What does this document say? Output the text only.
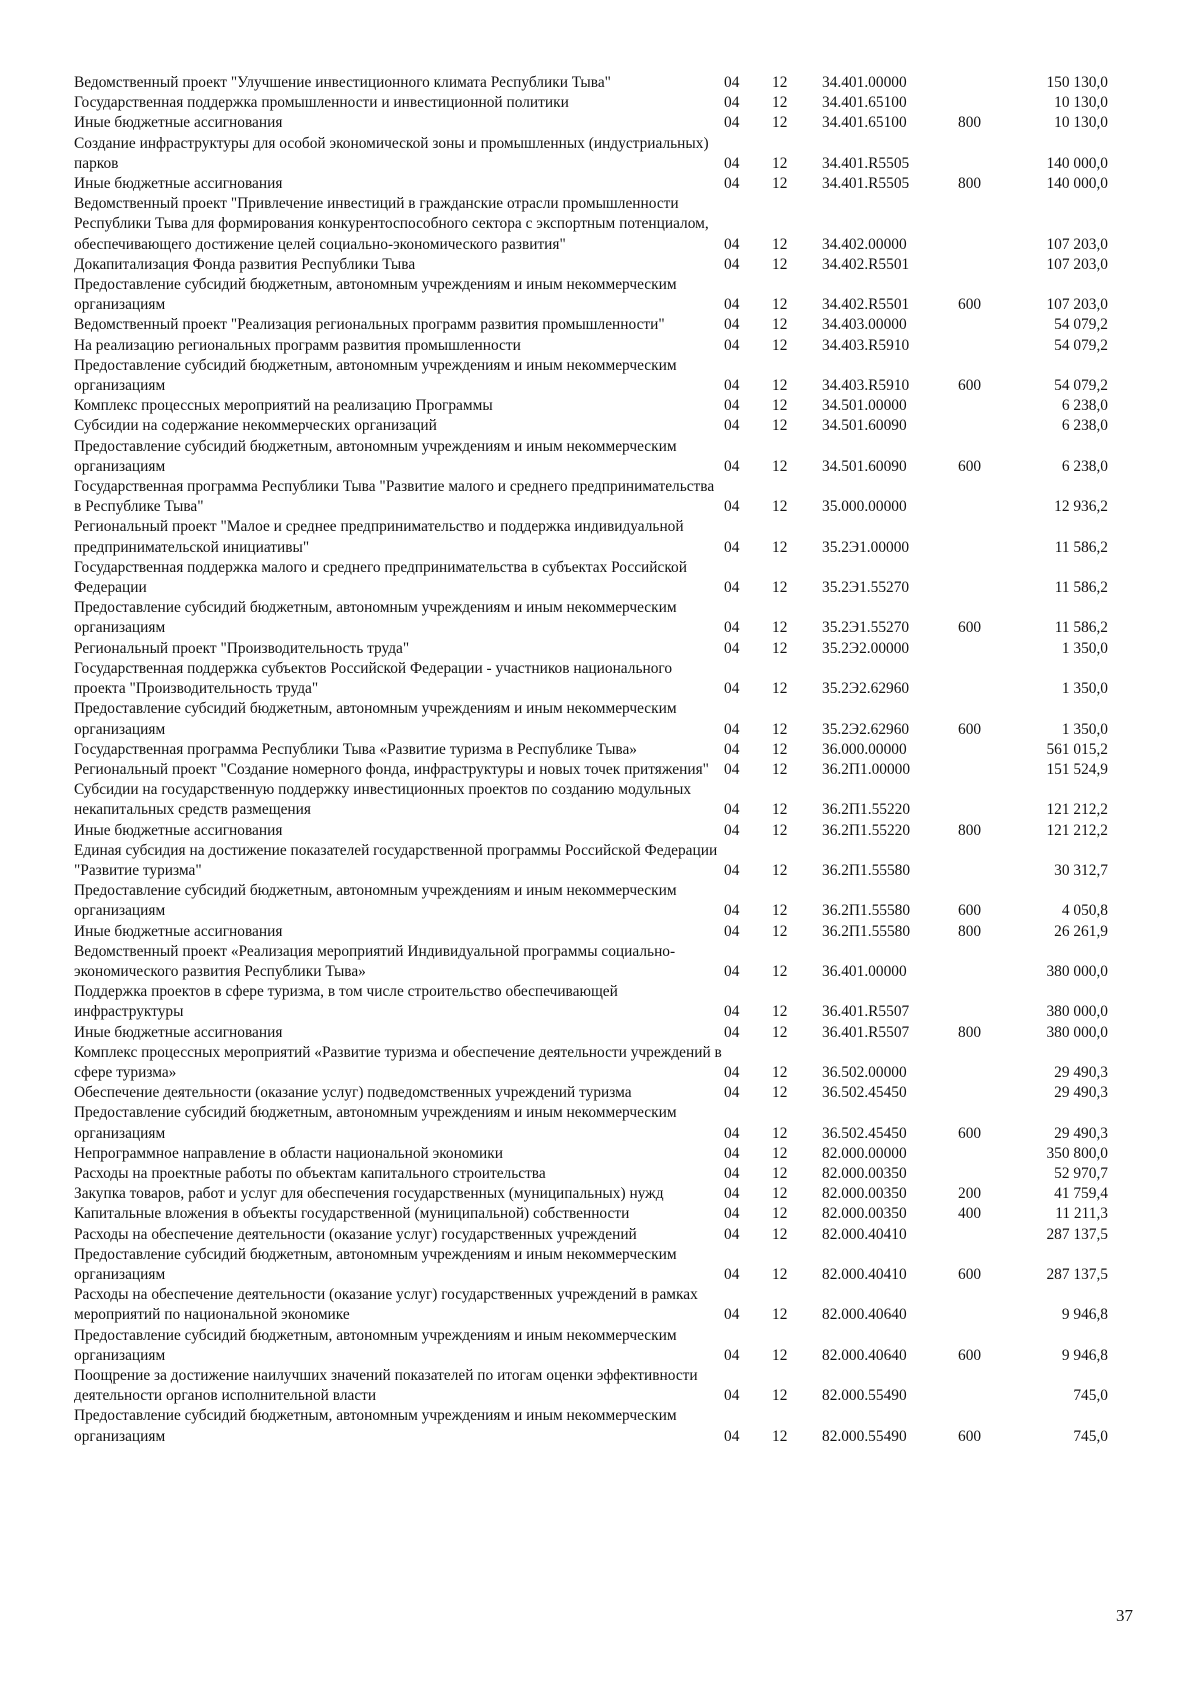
Ведомственный проект "Улучшение инвестиционного климата Республики Тыва"	04	12	34.401.00000		150 130,0
Государственная поддержка промышленности и инвестиционной политики	04	12	34.401.65100		10 130,0
Иные бюджетные ассигнования	04	12	34.401.65100	800	10 130,0
Создание инфраструктуры для особой экономической зоны и промышленных (индустриальных) парков	04	12	34.401.R5505		140 000,0
Иные бюджетные ассигнования	04	12	34.401.R5505	800	140 000,0
Ведомственный проект "Привлечение инвестиций в гражданские отрасли промышленности Республики Тыва для формирования конкурентоспособного сектора с экспортным потенциалом, обеспечивающего достижение целей социально-экономического развития"	04	12	34.402.00000		107 203,0
Докапитализация Фонда развития Республики Тыва	04	12	34.402.R5501		107 203,0
Предоставление субсидий бюджетным, автономным учреждениям и иным некоммерческим организациям	04	12	34.402.R5501	600	107 203,0
Ведомственный проект "Реализация региональных программ развития промышленности"	04	12	34.403.00000		54 079,2
На реализацию региональных программ развития промышленности	04	12	34.403.R5910		54 079,2
Предоставление субсидий бюджетным, автономным учреждениям и иным некоммерческим организациям	04	12	34.403.R5910	600	54 079,2
Комплекс процессных мероприятий на реализацию Программы	04	12	34.501.00000		6 238,0
Субсидии на содержание некоммерческих организаций	04	12	34.501.60090		6 238,0
Предоставление субсидий бюджетным, автономным учреждениям и иным некоммерческим организациям	04	12	34.501.60090	600	6 238,0
Государственная программа Республики Тыва "Развитие малого и среднего предпринимательства в Республике Тыва"	04	12	35.000.00000		12 936,2
Региональный проект "Малое и среднее предпринимательство и поддержка индивидуальной предпринимательской инициативы"	04	12	35.2Э1.00000		11 586,2
Государственная поддержка малого и среднего предпринимательства в субъектах Российской Федерации	04	12	35.2Э1.55270		11 586,2
Предоставление субсидий бюджетным, автономным учреждениям и иным некоммерческим организациям	04	12	35.2Э1.55270	600	11 586,2
Региональный проект "Производительность труда"	04	12	35.2Э2.00000		1 350,0
Государственная поддержка субъектов Российской Федерации - участников национального проекта "Производительность труда"	04	12	35.2Э2.62960		1 350,0
Предоставление субсидий бюджетным, автономным учреждениям и иным некоммерческим организациям	04	12	35.2Э2.62960	600	1 350,0
Государственная программа Республики Тыва «Развитие туризма в Республике Тыва»	04	12	36.000.00000		561 015,2
Региональный проект "Создание номерного фонда, инфраструктуры и новых точек притяжения"	04	12	36.2П1.00000		151 524,9
Субсидии на государственную поддержку инвестиционных проектов по созданию модульных некапитальных средств размещения	04	12	36.2П1.55220		121 212,2
Иные бюджетные ассигнования	04	12	36.2П1.55220	800	121 212,2
Единая субсидия на достижение показателей государственной программы Российской Федерации "Развитие туризма"	04	12	36.2П1.55580		30 312,7
Предоставление субсидий бюджетным, автономным учреждениям и иным некоммерческим организациям	04	12	36.2П1.55580	600	4 050,8
Иные бюджетные ассигнования	04	12	36.2П1.55580	800	26 261,9
Ведомственный проект «Реализация мероприятий Индивидуальной программы социально-экономического развития Республики Тыва»	04	12	36.401.00000		380 000,0
Поддержка проектов в сфере туризма, в том числе строительство обеспечивающей инфраструктуры	04	12	36.401.R5507		380 000,0
Иные бюджетные ассигнования	04	12	36.401.R5507	800	380 000,0
Комплекс процессных мероприятий «Развитие туризма и обеспечение деятельности учреждений в сфере туризма»	04	12	36.502.00000		29 490,3
Обеспечение деятельности (оказание услуг) подведомственных учреждений туризма	04	12	36.502.45450		29 490,3
Предоставление субсидий бюджетным, автономным учреждениям и иным некоммерческим организациям	04	12	36.502.45450	600	29 490,3
Непрограммное направление в области национальной экономики	04	12	82.000.00000		350 800,0
Расходы на проектные работы по объектам капитального строительства	04	12	82.000.00350		52 970,7
Закупка товаров, работ и услуг для обеспечения государственных (муниципальных) нужд	04	12	82.000.00350	200	41 759,4
Капитальные вложения в объекты государственной (муниципальной) собственности	04	12	82.000.00350	400	11 211,3
Расходы на обеспечение деятельности (оказание услуг) государственных учреждений	04	12	82.000.40410		287 137,5
Предоставление субсидий бюджетным, автономным учреждениям и иным некоммерческим организациям	04	12	82.000.40410	600	287 137,5
Расходы на обеспечение деятельности (оказание услуг) государственных учреждений в рамках мероприятий по национальной экономике	04	12	82.000.40640		9 946,8
Предоставление субсидий бюджетным, автономным учреждениям и иным некоммерческим организациям	04	12	82.000.40640	600	9 946,8
Поощрение за достижение наилучших значений показателей по итогам оценки эффективности деятельности органов исполнительной власти	04	12	82.000.55490		745,0
Предоставление субсидий бюджетным, автономным учреждениям и иным некоммерческим организациям	04	12	82.000.55490	600	745,0
37
